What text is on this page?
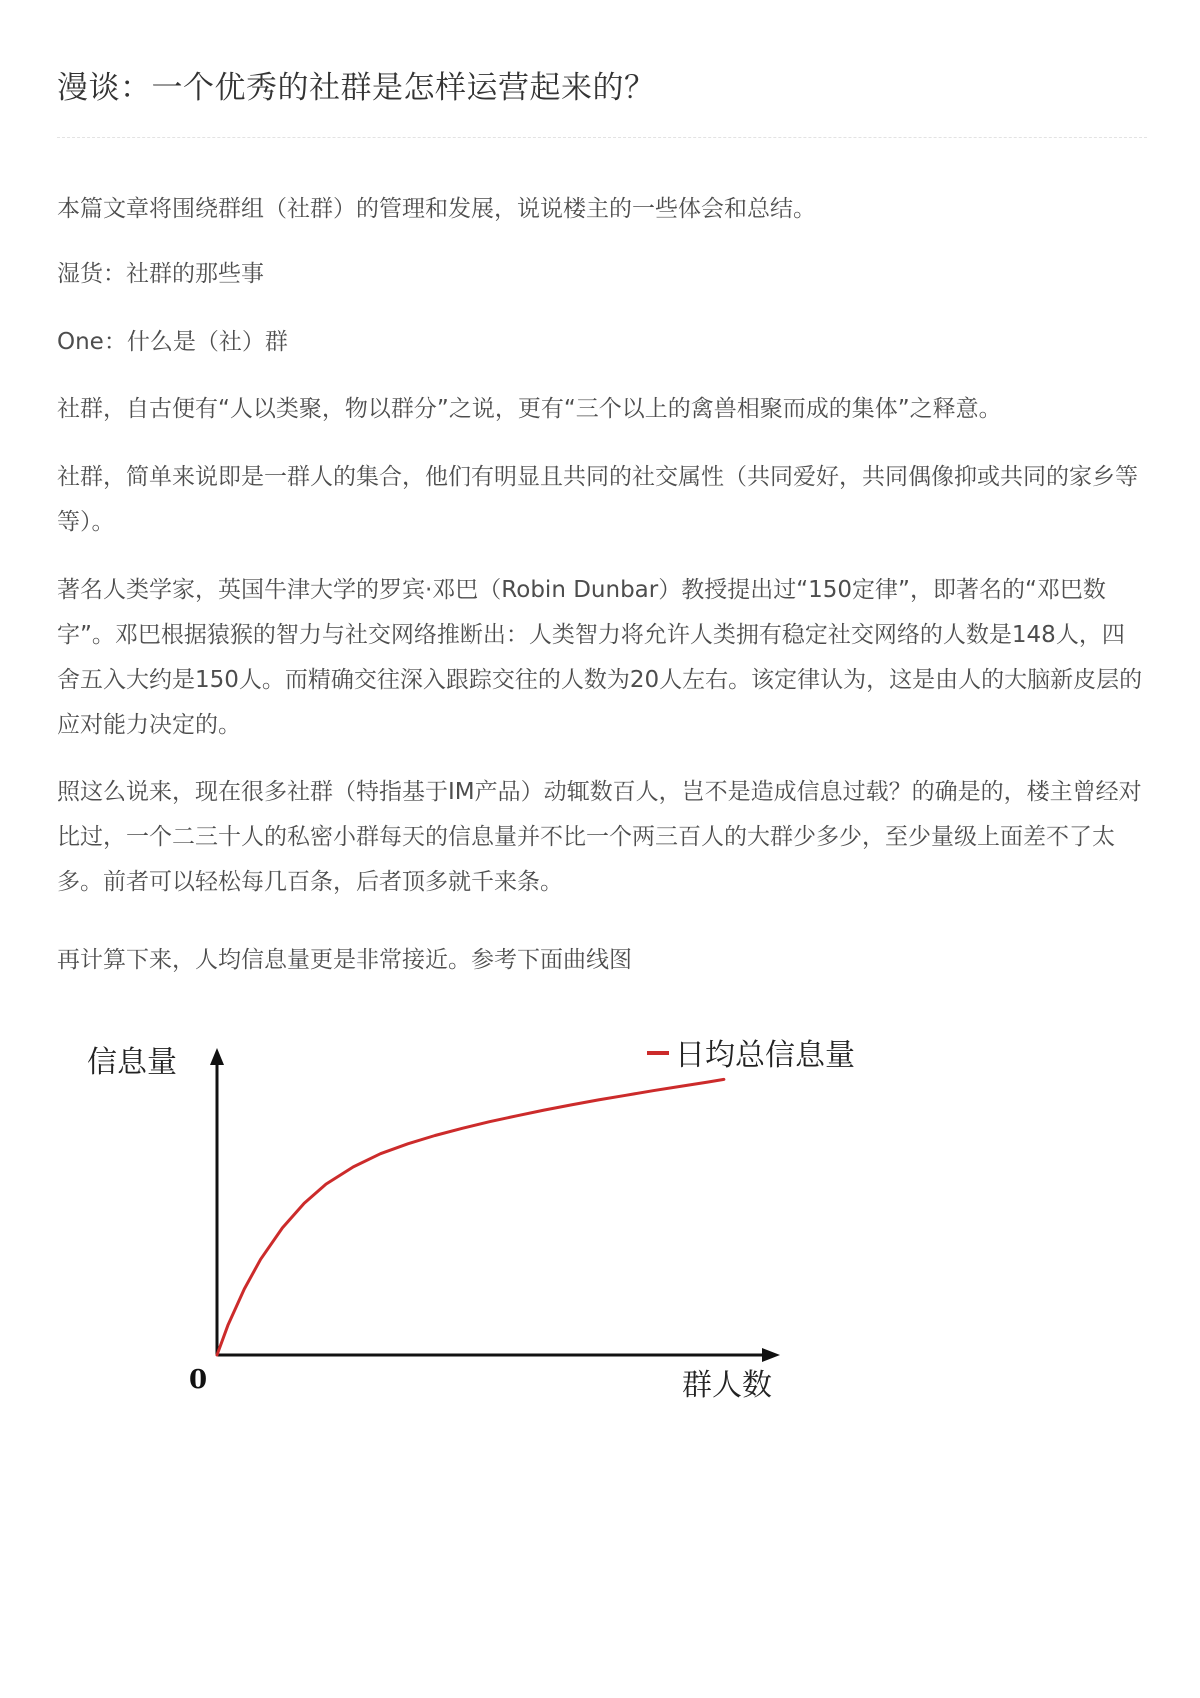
漫谈：一个优秀的社群是怎样运营起来的？

本篇文章将围绕群组（社群）的管理和发展，说说楼主的一些体会和总结。

湿货：社群的那些事

One：什么是（社）群

社群，自古便有“人以类聚，物以群分”之说，更有“三个以上的禽兽相聚而成的集体”之释意。

社群，简单来说即是一群人的集合，他们有明显且共同的社交属性（共同爱好，共同偶像抑或共同的家乡等等）。

著名人类学家，英国牛津大学的罗宾·邓巴（Robin Dunbar）教授提出过“150定律”，即著名的“邓巴数字”。邓巴根据猿猴的智力与社交网络推断出：人类智力将允许人类拥有稳定社交网络的人数是148人，四舍五入大约是150人。而精确交往深入跟踪交往的人数为20人左右。该定律认为，这是由人的大脑新皮层的应对能力决定的。

照这么说来，现在很多社群（特指基于IM产品）动辄数百人，岂不是造成信息过载？的确是的，楼主曾经对比过，一个二三十人的私密小群每天的信息量并不比一个两三百人的大群少多少，至少量级上面差不了太多。前者可以轻松每几百条，后者顶多就千来条。

再计算下来，人均信息量更是非常接近。参考下面曲线图

日均总信息量
信息量
群人数
0
